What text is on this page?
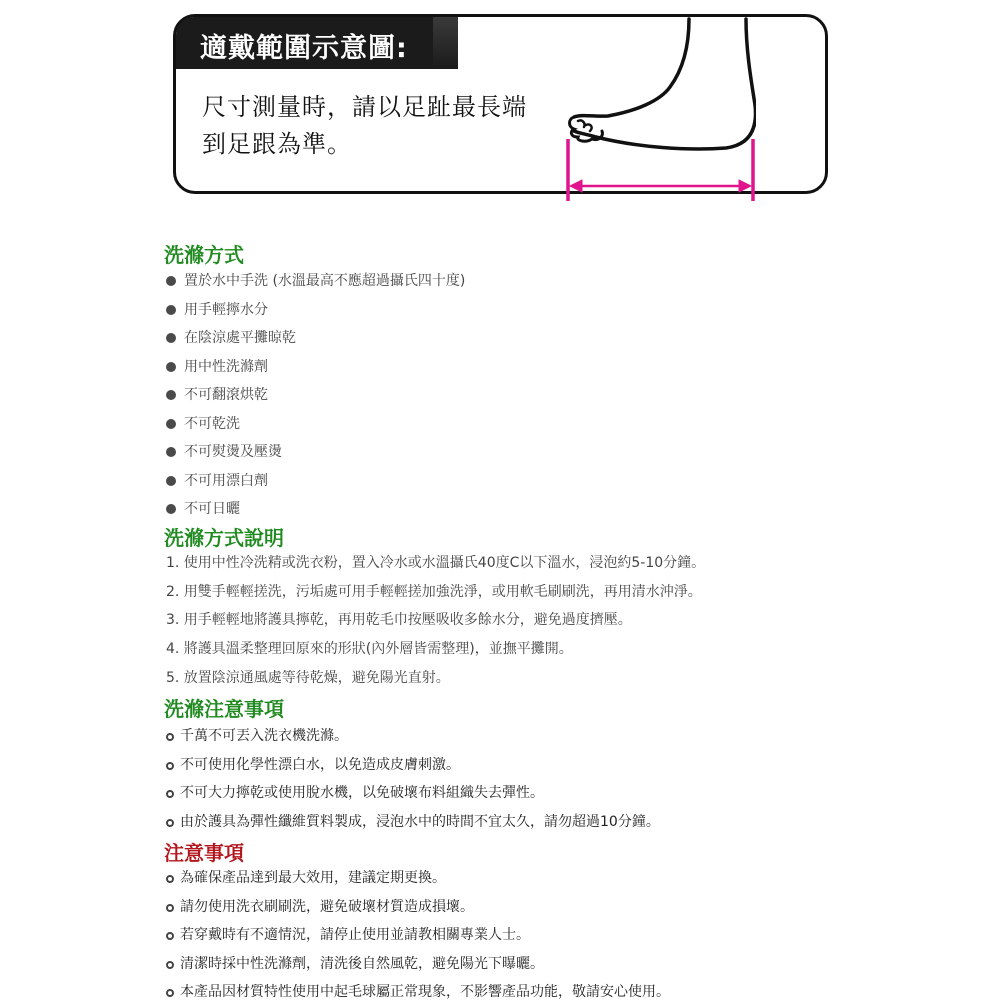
適戴範圍示意圖:
尺寸測量時，請以足趾最長端
到足跟為準。
洗滌方式
置於水中手洗 (水溫最高不應超過攝氏四十度)
用手輕擰水分
在陰涼處平攤晾乾
用中性洗滌劑
不可翻滾烘乾
不可乾洗
不可熨燙及壓燙
不可用漂白劑
不可日曬
洗滌方式說明
1. 使用中性冷洗精或洗衣粉，置入冷水或水溫攝氏40度C以下溫水，浸泡約5-10分鐘。
2. 用雙手輕輕搓洗，污垢處可用手輕輕搓加強洗淨，或用軟毛刷刷洗，再用清水沖淨。
3. 用手輕輕地將護具擰乾，再用乾毛巾按壓吸收多餘水分，避免過度擠壓。
4. 將護具溫柔整理回原來的形狀(內外層皆需整理)，並撫平攤開。
5. 放置陰涼通風處等待乾燥，避免陽光直射。
洗滌注意事項
千萬不可丟入洗衣機洗滌。
不可使用化學性漂白水，以免造成皮膚刺激。
不可大力擰乾或使用脫水機，以免破壞布料組織失去彈性。
由於護具為彈性纖維質料製成，浸泡水中的時間不宜太久，請勿超過10分鐘。
注意事項
為確保產品達到最大效用，建議定期更換。
請勿使用洗衣刷刷洗，避免破壞材質造成損壞。
若穿戴時有不適情況，請停止使用並請教相關專業人士。
清潔時採中性洗滌劑，清洗後自然風乾，避免陽光下曝曬。
本產品因材質特性使用中起毛球屬正常現象，不影響產品功能，敬請安心使用。
